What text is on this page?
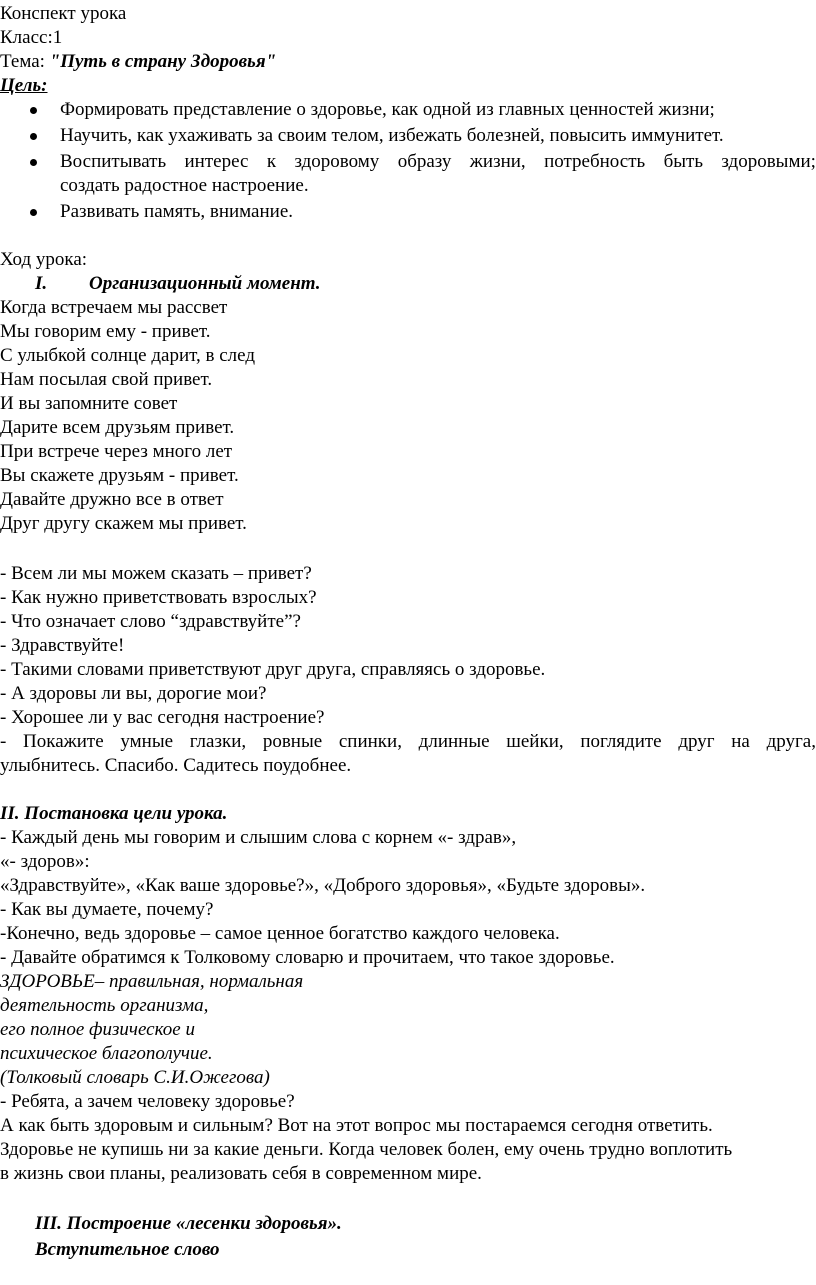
Конспект урока
Класс:1
Тема: "Путь в страну Здоровья"
Цель:
Формировать представление о здоровье, как одной из главных ценностей жизни;
Научить, как ухаживать за своим телом, избежать болезней, повысить иммунитет.
Воспитывать интерес к здоровому образу жизни, потребность быть здоровыми;
создать радостное настроение.
Развивать память, внимание.
Ход урока:
I. Организационный момент.
Когда встречаем мы рассвет
Мы говорим ему - привет.
С улыбкой солнце дарит, в след
Нам посылая свой привет.
И вы запомните совет
Дарите всем друзьям привет.
При встрече через много лет
Вы скажете друзьям - привет.
Давайте дружно все в ответ
Друг другу скажем мы привет.
- Всем ли мы можем сказать – привет?
- Как нужно приветствовать взрослых?
- Что означает слово “здравствуйте”?
- Здравствуйте!
- Такими словами приветствуют друг друга, справляясь о здоровье.
- А здоровы ли вы, дорогие мои?
- Хорошее ли у вас сегодня настроение?
- Покажите умные глазки, ровные спинки, длинные шейки, поглядите друг на друга,
улыбнитесь. Спасибо. Садитесь поудобнее.
II. Постановка цели урока.
- Каждый день мы говорим и слышим слова с корнем «- здрав»,
«- здоров»:
«Здравствуйте», «Как ваше здоровье?», «Доброго здоровья», «Будьте здоровы».
- Как вы думаете, почему?
-Конечно, ведь здоровье – самое ценное богатство каждого человека.
- Давайте обратимся к Толковому словарю и прочитаем, что такое здоровье.
ЗДОРОВЬЕ– правильная, нормальная
деятельность организма,
его полное физическое и
психическое благополучие.
(Толковый словарь С.И.Ожегова)
- Ребята, а зачем человеку здоровье?
А как быть здоровым и сильным? Вот на этот вопрос мы постараемся сегодня ответить.
Здоровье не купишь ни за какие деньги. Когда человек болен, ему очень трудно воплотить
в жизнь свои планы, реализовать себя в современном мире.
III. Построение «лесенки здоровья».
Вступительное слово
